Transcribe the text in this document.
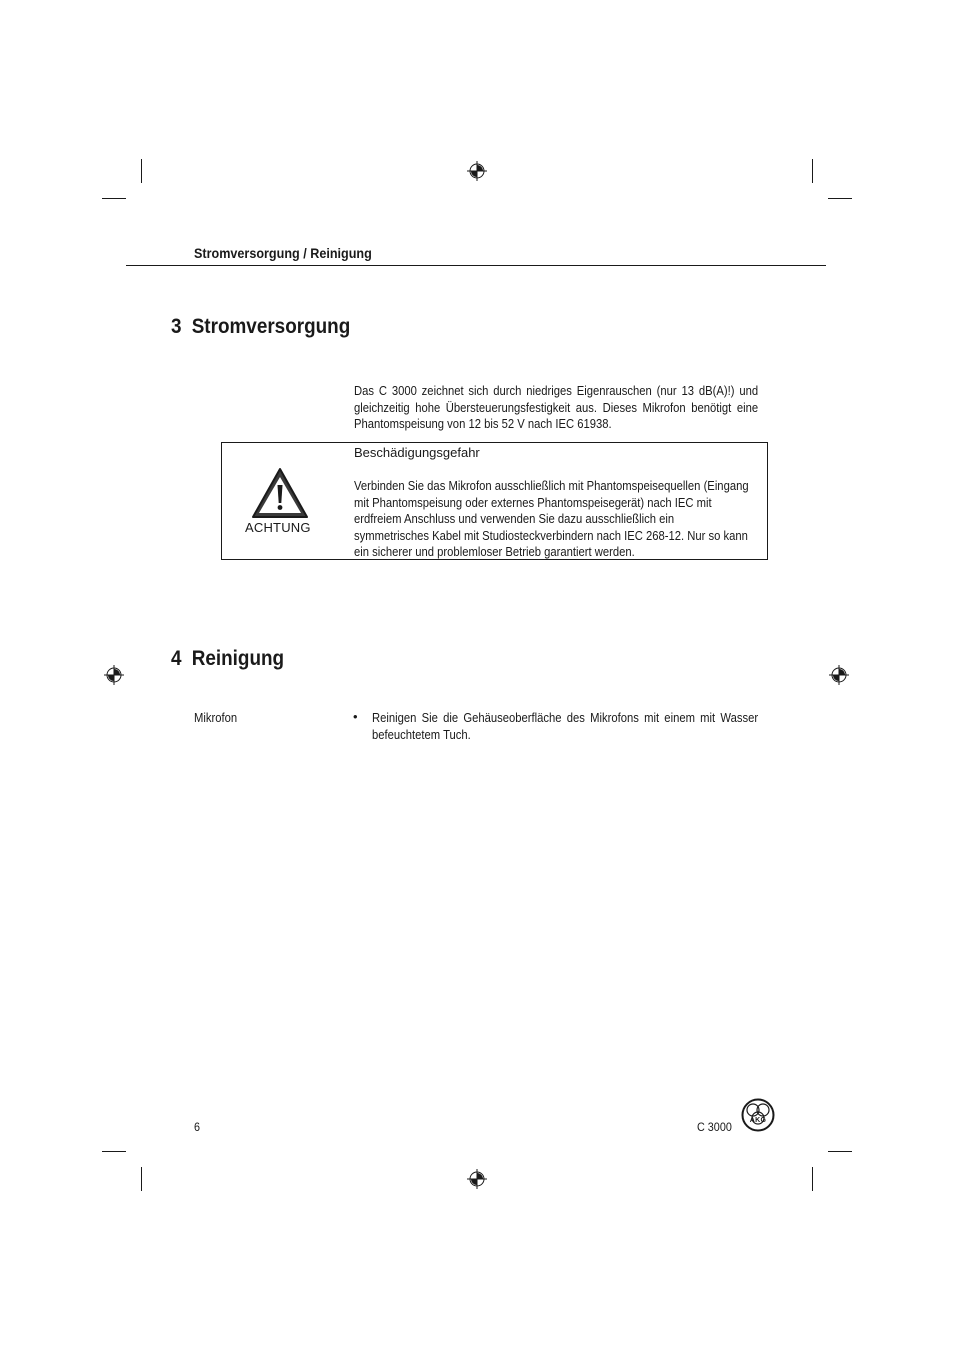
Stromversorgung / Reinigung
3 Stromversorgung
Das C 3000 zeichnet sich durch niedriges Eigenrauschen (nur 13 dB(A)!) und
gleichzeitig hohe Übersteuerungsfestigkeit aus. Dieses Mikrofon benötigt eine
Phantomspeisung von 12 bis 52 V nach IEC 61938.
ACHTUNG
Beschädigungsgefahr
Verbinden Sie das Mikrofon ausschließlich mit Phantomspeisequellen (Eingang
mit Phantomspeisung oder externes Phantomspeisegerät) nach IEC mit
erdfreiem Anschluss und verwenden Sie dazu ausschließlich ein
symmetrisches Kabel mit Studiosteckverbindern nach IEC 268-12. Nur so kann
ein sicherer und problemloser Betrieb garantiert werden.
4 Reinigung
Mikrofon	• Reinigen Sie die Gehäuseoberfläche des Mikrofons mit einem mit Wasser
befeuchtetem Tuch.
6	C 3000	AKG
